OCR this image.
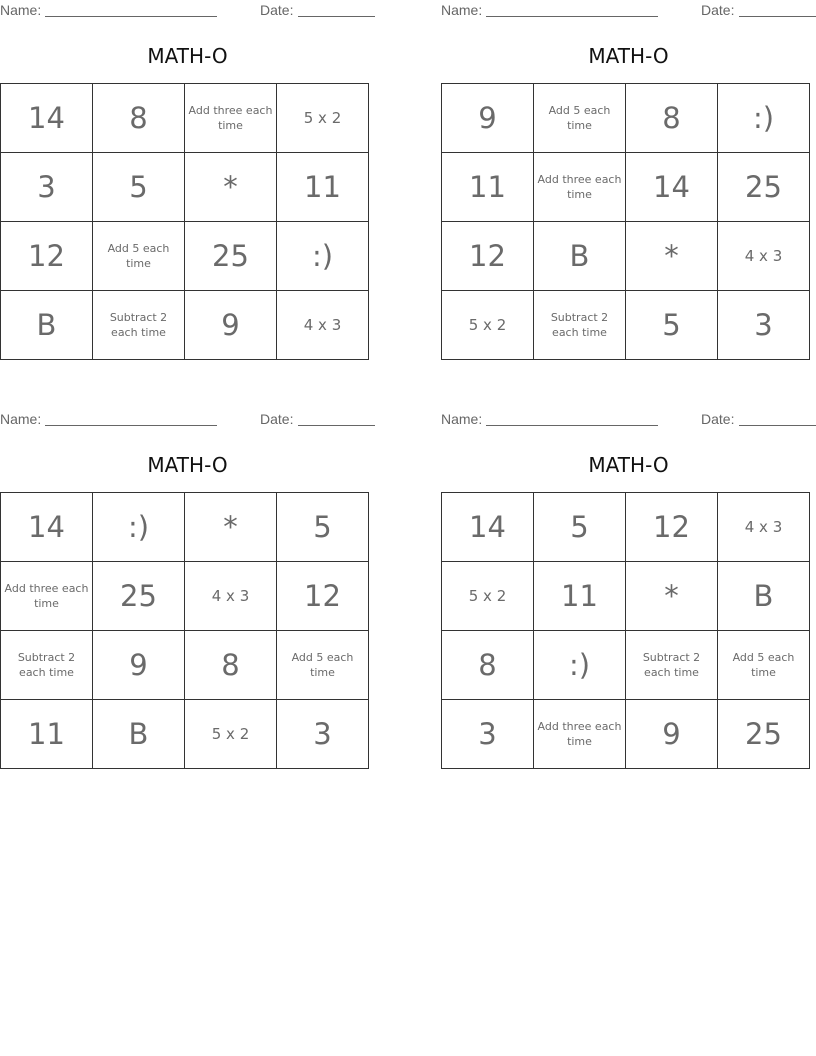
Name:	Date:
MATH-O
14	8	Add three each time	5 x 2
3	5	*	11
12	Add 5 each time	25	:)
B	Subtract 2 each time	9	4 x 3
Name:	Date:
MATH-O
9	Add 5 each time	8	:)
11	Add three each time	14	25
12	B	*	4 x 3
5 x 2	Subtract 2 each time	5	3
Name:	Date:
MATH-O
14	:)	*	5
Add three each time	25	4 x 3	12
Subtract 2 each time	9	8	Add 5 each time
11	B	5 x 2	3
Name:	Date:
MATH-O
14	5	12	4 x 3
5 x 2	11	*	B
8	:)	Subtract 2 each time	Add 5 each time
3	Add three each time	9	25
